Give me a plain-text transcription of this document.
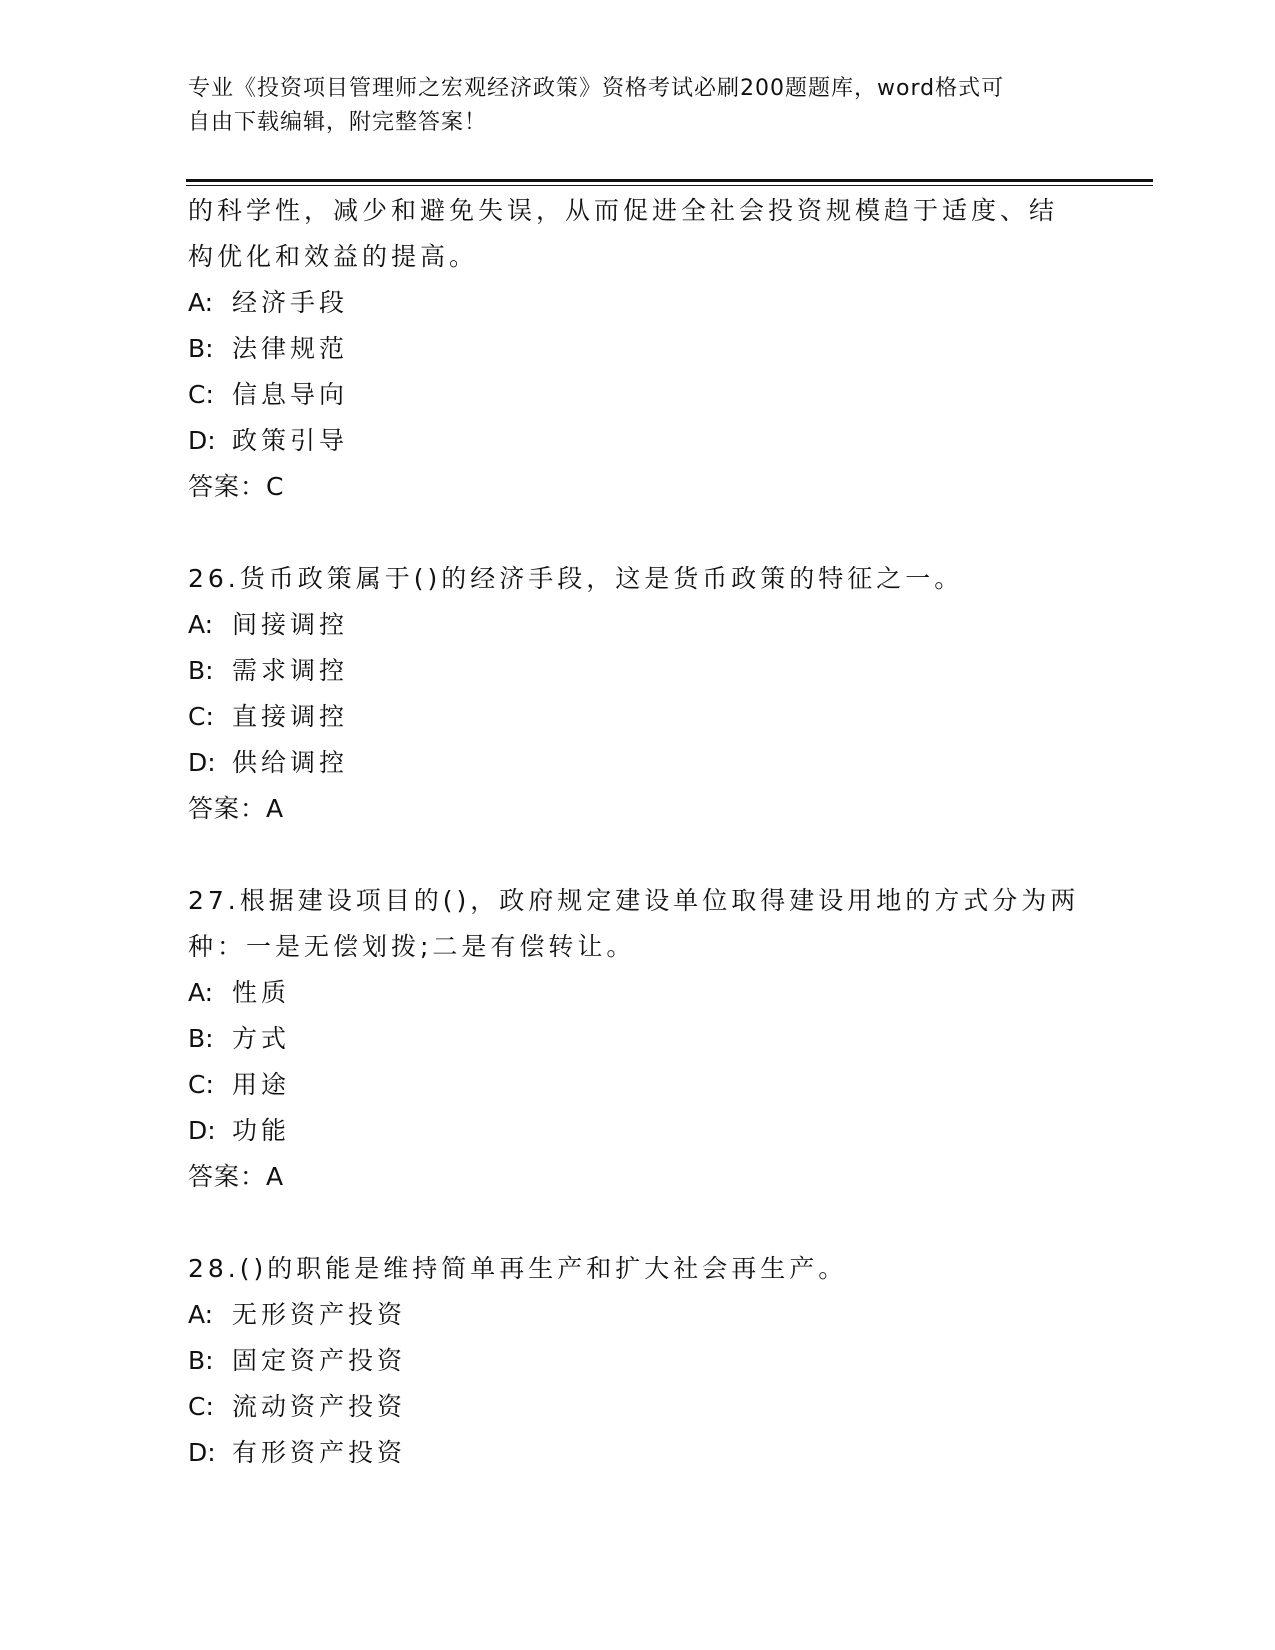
专业《投资项目管理师之宏观经济政策》资格考试必刷200题题库，word格式可
自由下载编辑，附完整答案！
的科学性，减少和避免失误，从而促进全社会投资规模趋于适度、结
构优化和效益的提高。
A: 经济手段
B: 法律规范
C: 信息导向
D: 政策引导
答案：C
26.货币政策属于()的经济手段，这是货币政策的特征之一。
A: 间接调控
B: 需求调控
C: 直接调控
D: 供给调控
答案：A
27.根据建设项目的()，政府规定建设单位取得建设用地的方式分为两
种：一是无偿划拨;二是有偿转让。
A: 性质
B: 方式
C: 用途
D: 功能
答案：A
28.()的职能是维持简单再生产和扩大社会再生产。
A: 无形资产投资
B: 固定资产投资
C: 流动资产投资
D: 有形资产投资
